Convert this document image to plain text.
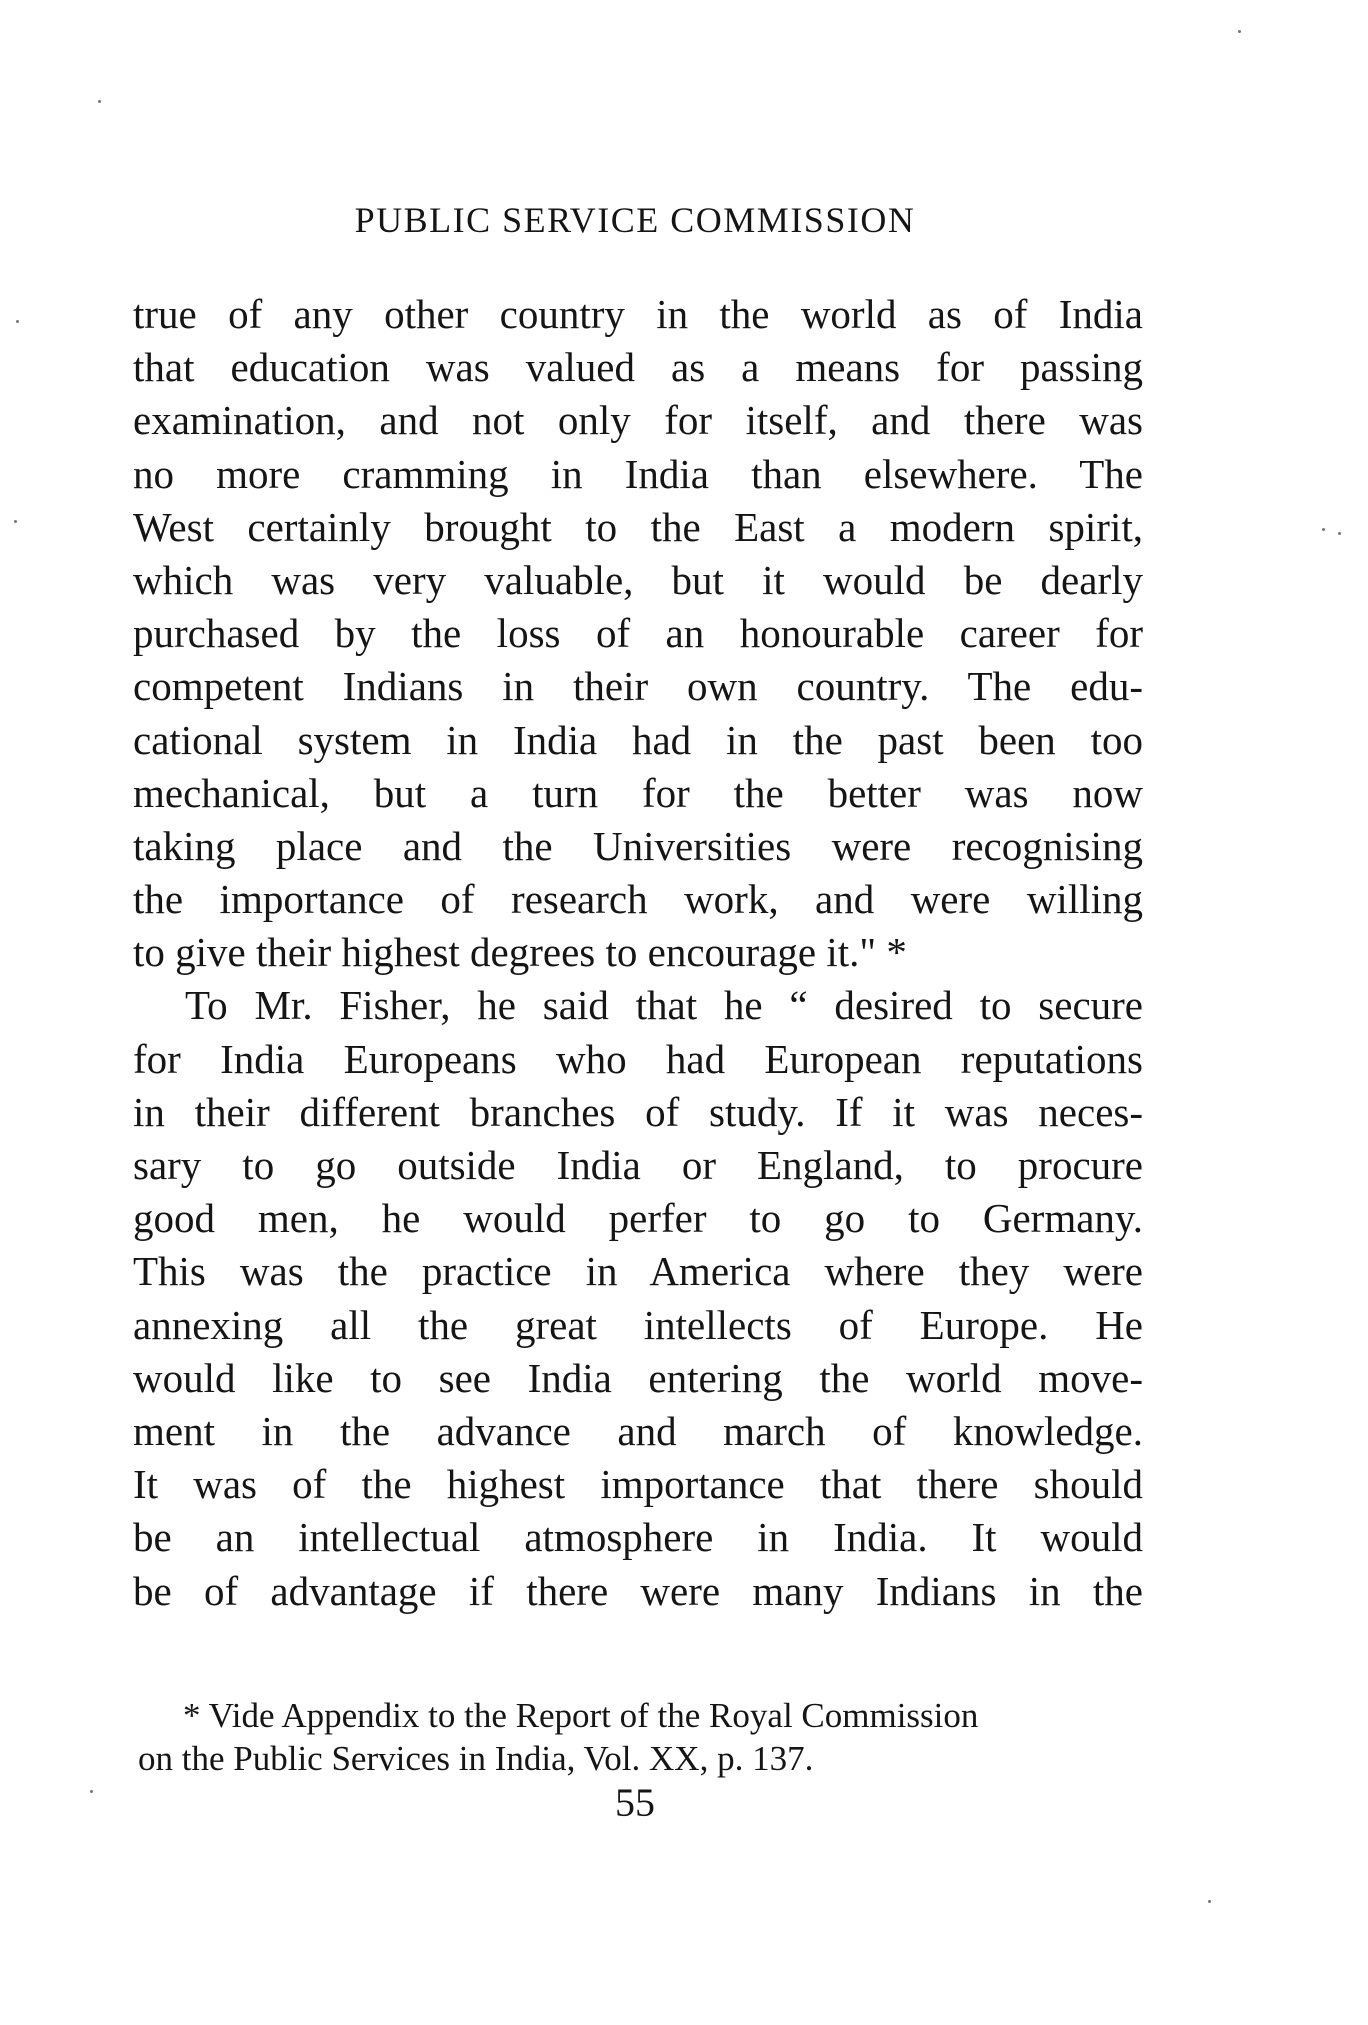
PUBLIC SERVICE COMMISSION
true of any other country in the world as of India
that education was valued as a means for passing
examination, and not only for itself, and there was
no more cramming in India than elsewhere. The
West certainly brought to the East a modern spirit,
which was very valuable, but it would be dearly
purchased by the loss of an honourable career for
competent Indians in their own country. The edu-
cational system in India had in the past been too
mechanical, but a turn for the better was now
taking place and the Universities were recognising
the importance of research work, and were willing
to give their highest degrees to encourage it." *
To Mr. Fisher, he said that he “ desired to secure
for India Europeans who had European reputations
in their different branches of study. If it was neces-
sary to go outside India or England, to procure
good men, he would perfer to go to Germany.
This was the practice in America where they were
annexing all the great intellects of Europe. He
would like to see India entering the world move-
ment in the advance and march of knowledge.
It was of the highest importance that there should
be an intellectual atmosphere in India. It would
be of advantage if there were many Indians in the
* Vide Appendix to the Report of the Royal Commission
on the Public Services in India, Vol. XX, p. 137.
55
